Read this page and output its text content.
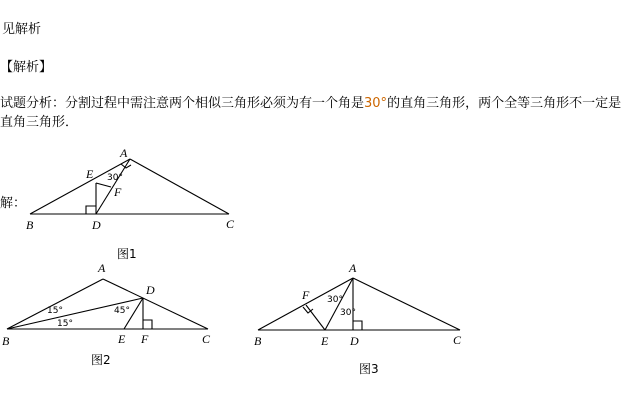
见解析
【解析】
试题分析：分割过程中需注意两个相似三角形必须为有一个角是30°的直角三角形，两个全等三角形不一定是直角三角形．
解：
A
B	C
D
E
F
30°
图1
A
B	C
D
E F
15°
15°
45°
图2
A
B	C
D
E
F 30°
30°
图3
